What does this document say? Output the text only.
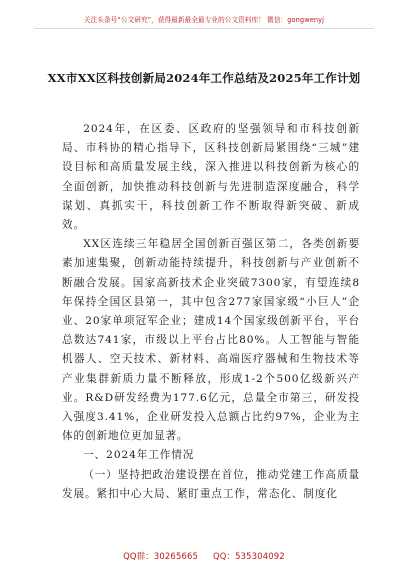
关注头条号“公文研究”，获得最新最全最专业的公文资料库！ 微信：gongwenyj
XX市XX区科技创新局2024年工作总结及2025年工作计划

2024年，在区委、区政府的坚强领导和市科技创新局、市科协的精心指导下，区科技创新局紧围绕“三城”建设目标和高质量发展主线，深入推进以科技创新为核心的全面创新，加快推动科技创新与先进制造深度融合，科学谋划、真抓实干，科技创新工作不断取得新突破、新成效。

XX区连续三年稳居全国创新百强区第二，各类创新要素加速集聚，创新动能持续提升，科技创新与产业创新不断融合发展。国家高新技术企业突破7300家，有望连续8年保持全国区县第一，其中包含277家国家级“小巨人”企业、20家单项冠军企业；建成14个国家级创新平台，平台总数达741家，市级以上平台占比80%。人工智能与智能机器人、空天技术、新材料、高端医疗器械和生物技术等产业集群新质力量不断释放，形成1-2个500亿级新兴产业。R&D研发经费为177.6亿元，总量全市第三，研发投入强度3.41%，企业研发投入总额占比约97%，企业为主体的创新地位更加显著。

一、2024年工作情况

（一）坚持把政治建设摆在首位，推动党建工作高质量发展。紧扣中心大局、紧盯重点工作，常态化、制度化

QQ群：30265665 QQ：535304092
